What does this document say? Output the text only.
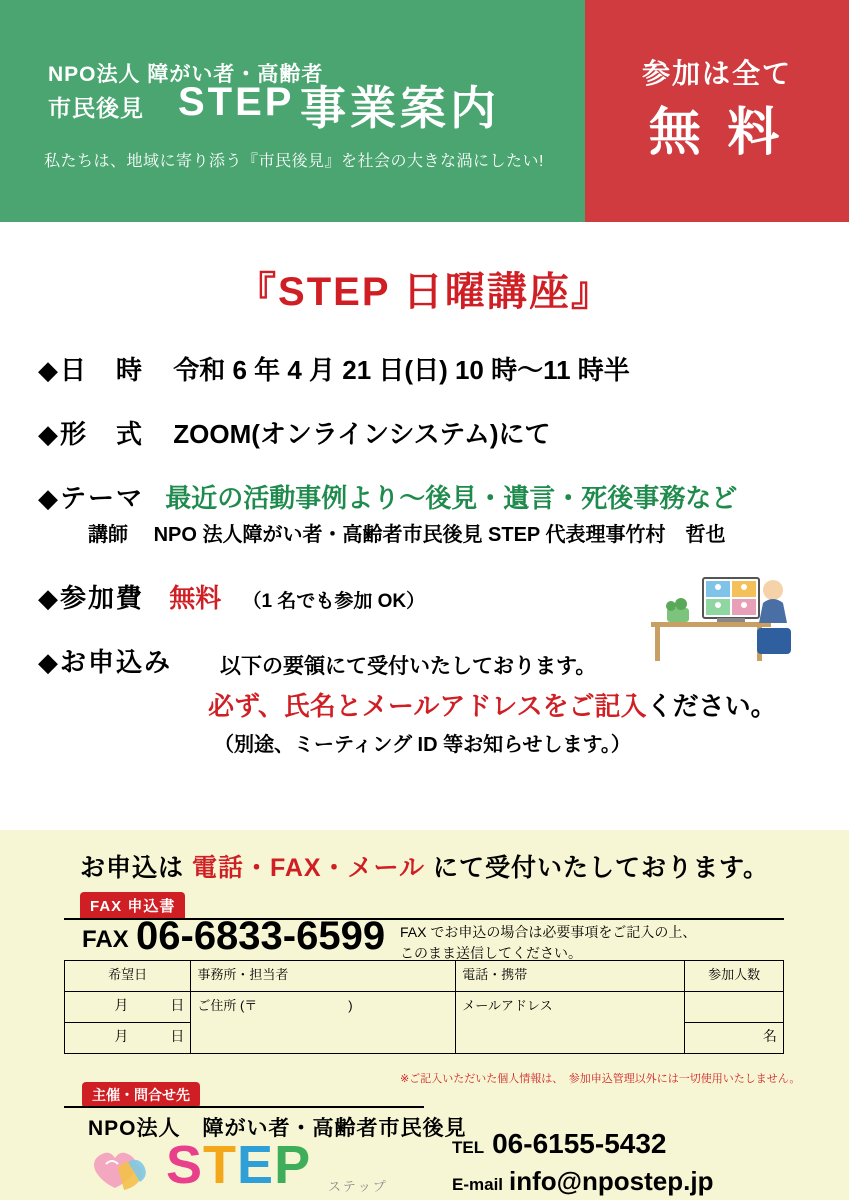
NPO法人 障がい者・高齢者
市民後見 STEP 事業案内
私たちは、地域に寄り添う『市民後見』を社会の大きな渦にしたい!
参加は全て
無 料
『STEP 日曜講座』
◆日　時 令和 6 年 4 月 21 日(日) 10 時〜11 時半
◆形　式 ZOOM(オンラインシステム)にて
◆テーマ 最近の活動事例より〜後見・遺言・死後事務など
講師 NPO 法人障がい者・高齢者市民後見 STEP 代表理事竹村　哲也
◆参加費 無料 （1 名でも参加 OK）
◆お申込み 以下の要領にて受付いたしております。
必ず、氏名とメールアドレスをご記入ください。
（別途、ミーティング ID 等お知らせします。）
お申込は 電話・FAX・メール にて受付いたしております。
FAX 申込書
FAX 06-6833-6599 FAX でお申込の場合は必要事項をご記入の上、
このまま送信してください。
希望日	事務所・担当者	電話・携帯	参加人数
月　　　日	ご住所 (〒　　　　　　　)	メールアドレス	
月　　　日			名
※ご記入いただいた個人情報は、　参加申込管理以外には一切使用いたしません。
主催・問合せ先
NPO法人　障がい者・高齢者市民後見
STEP ステップ
TEL 06-6155-5432
E-mail info@npostep.jp
